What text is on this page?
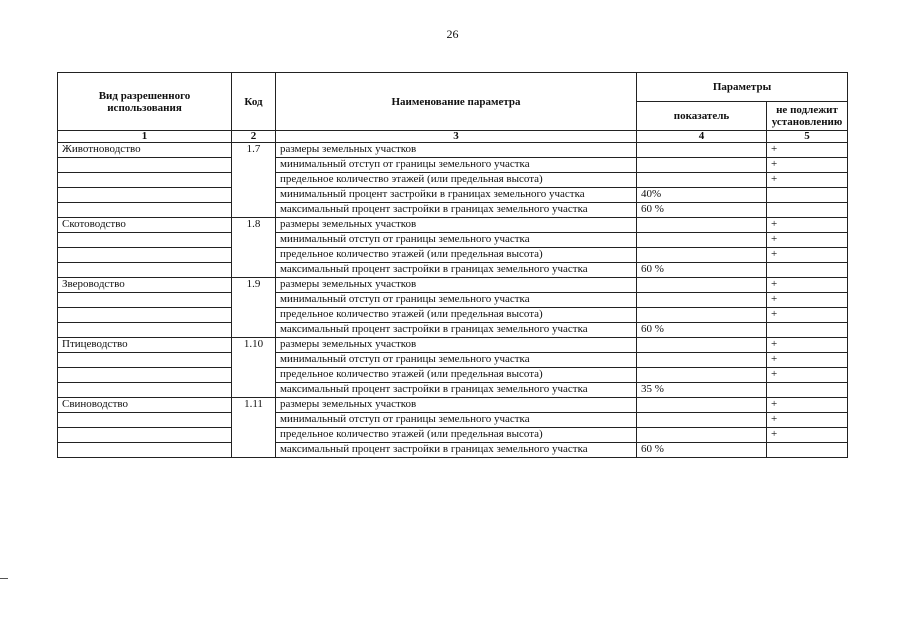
26
Вид разрешенного использования	Код	Наименование параметра	Параметры	
			показатель	не подлежит установлению
1	2	3	4	5
Животноводство	1.7	размеры земельных участков		+
		минимальный отступ от границы земельного участка		+
		предельное количество этажей (или предельная высота)		+
		минимальный процент застройки в границах земельного участка	40%	
		максимальный процент застройки в границах земельного участка	60 %	
Скотоводство	1.8	размеры земельных участков		+
		минимальный отступ от границы земельного участка		+
		предельное количество этажей (или предельная высота)		+
		максимальный процент застройки в границах земельного участка	60 %	
Звероводство	1.9	размеры земельных участков		+
		минимальный отступ от границы земельного участка		+
		предельное количество этажей (или предельная высота)		+
		максимальный процент застройки в границах земельного участка	60 %	
Птицеводство	1.10	размеры земельных участков		+
		минимальный отступ от границы земельного участка		+
		предельное количество этажей (или предельная высота)		+
		максимальный процент застройки в границах земельного участка	35 %	
Свиноводство	1.11	размеры земельных участков		+
		минимальный отступ от границы земельного участка		+
		предельное количество этажей (или предельная высота)		+
		максимальный процент застройки в границах земельного участка	60 %	
